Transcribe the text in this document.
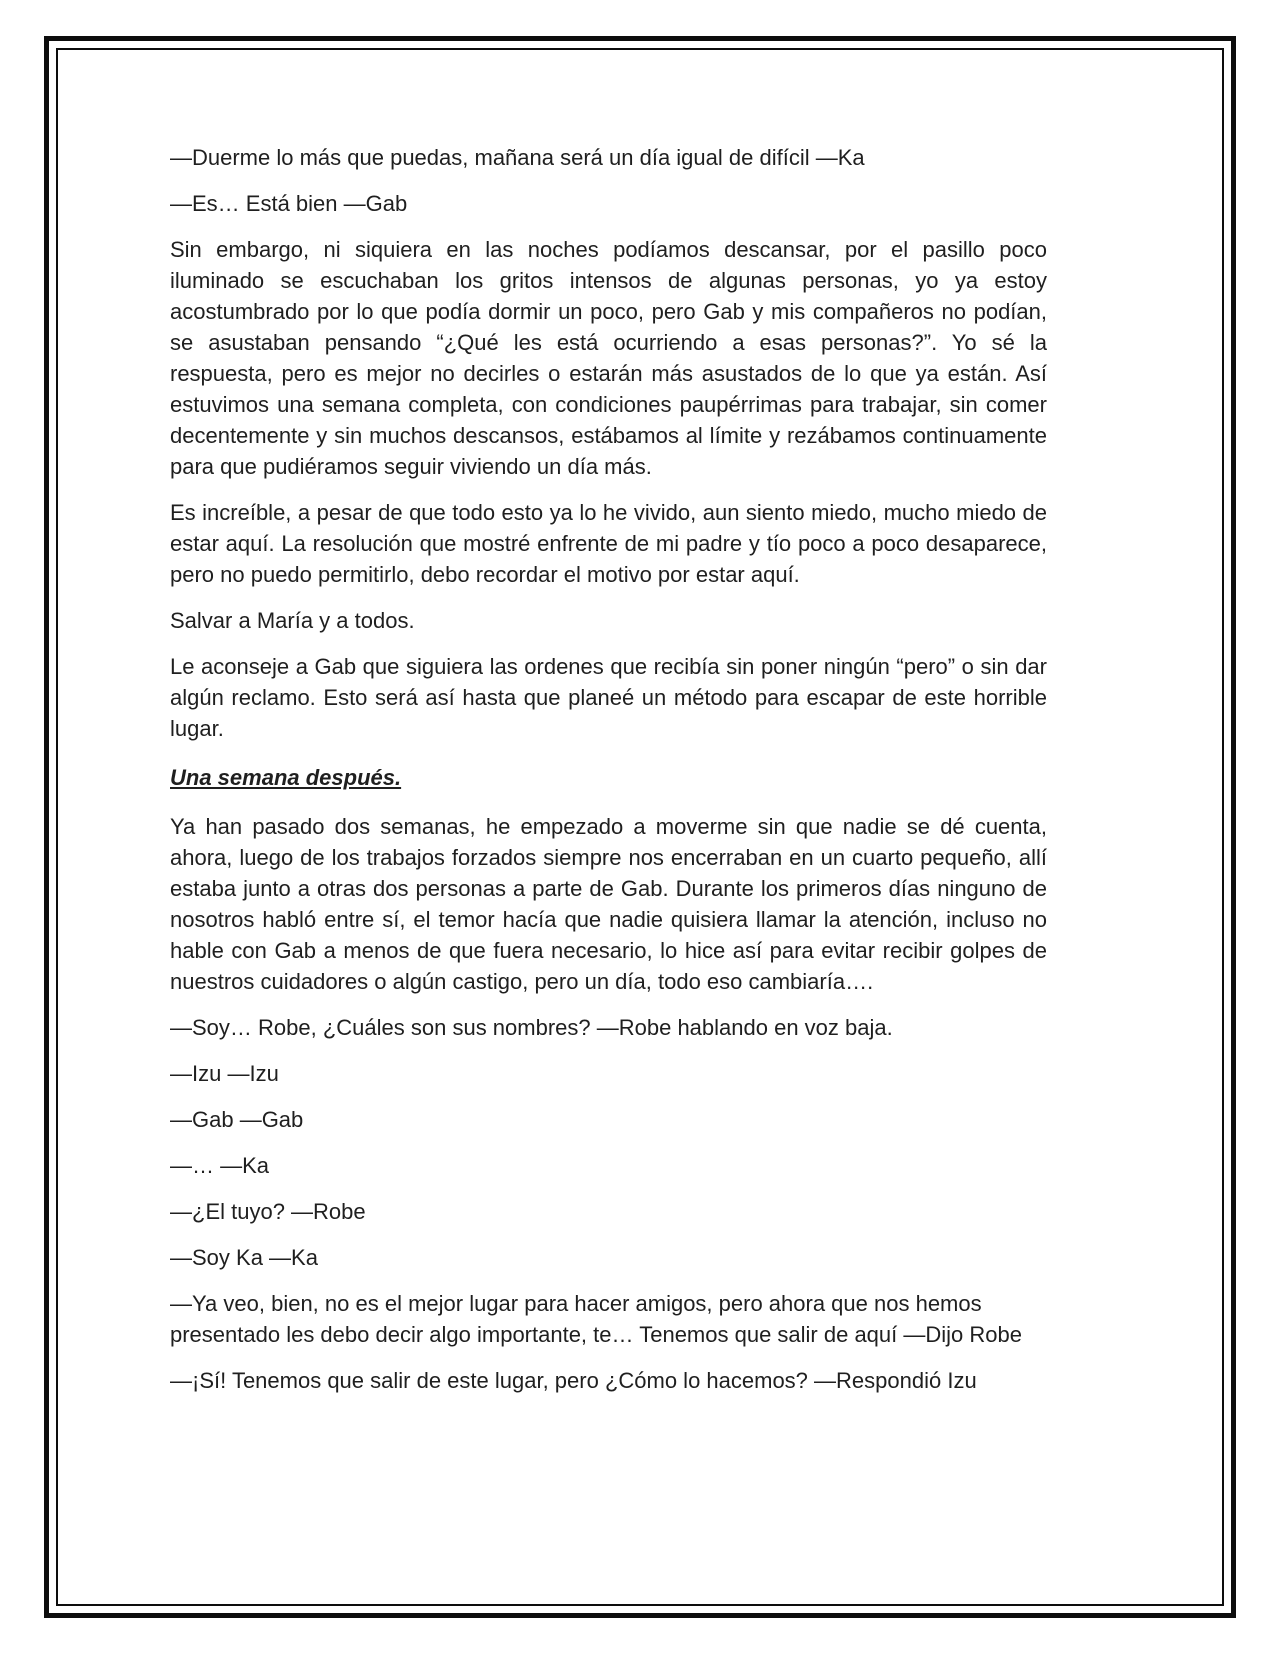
—Duerme lo más que puedas, mañana será un día igual de difícil —Ka

—Es… Está bien —Gab

Sin embargo, ni siquiera en las noches podíamos descansar, por el pasillo poco iluminado se escuchaban los gritos intensos de algunas personas, yo ya estoy acostumbrado por lo que podía dormir un poco, pero Gab y mis compañeros no podían, se asustaban pensando “¿Qué les está ocurriendo a esas personas?”. Yo sé la respuesta, pero es mejor no decirles o estarán más asustados de lo que ya están. Así estuvimos una semana completa, con condiciones paupérrimas para trabajar, sin comer decentemente y sin muchos descansos, estábamos al límite y rezábamos continuamente para que pudiéramos seguir viviendo un día más.

Es increíble, a pesar de que todo esto ya lo he vivido, aun siento miedo, mucho miedo de estar aquí. La resolución que mostré enfrente de mi padre y tío poco a poco desaparece, pero no puedo permitirlo, debo recordar el motivo por estar aquí.

Salvar a María y a todos.

Le aconseje a Gab que siguiera las ordenes que recibía sin poner ningún “pero” o sin dar algún reclamo. Esto será así hasta que planeé un método para escapar de este horrible lugar.

Una semana después.

Ya han pasado dos semanas, he empezado a moverme sin que nadie se dé cuenta, ahora, luego de los trabajos forzados siempre nos encerraban en un cuarto pequeño, allí estaba junto a otras dos personas a parte de Gab. Durante los primeros días ninguno de nosotros habló entre sí, el temor hacía que nadie quisiera llamar la atención, incluso no hable con Gab a menos de que fuera necesario, lo hice así para evitar recibir golpes de nuestros cuidadores o algún castigo, pero un día, todo eso cambiaría….

—Soy… Robe, ¿Cuáles son sus nombres? —Robe hablando en voz baja.

—Izu —Izu

—Gab —Gab

—… —Ka

—¿El tuyo? —Robe

—Soy Ka —Ka

—Ya veo, bien, no es el mejor lugar para hacer amigos, pero ahora que nos hemos presentado les debo decir algo importante, te… Tenemos que salir de aquí —Dijo Robe

—¡Sí! Tenemos que salir de este lugar, pero ¿Cómo lo hacemos? —Respondió Izu
